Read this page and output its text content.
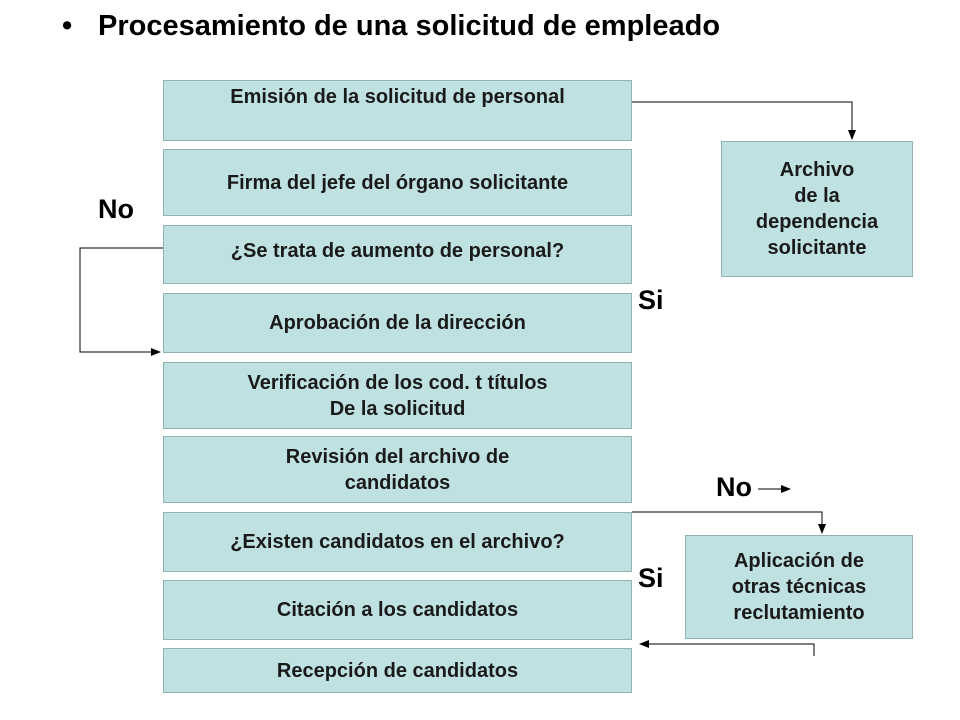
• Procesamiento de una solicitud de empleado
Emisión de la solicitud de personal
Firma del jefe del órgano solicitante
¿Se trata de aumento de personal?
Aprobación de la dirección
Verificación de los cod. t títulos
De la solicitud
Revisión del archivo de
candidatos
¿Existen candidatos en el archivo?
Citación a los candidatos
Recepción de candidatos
Archivo
de la
dependencia
solicitante
Aplicación de
otras técnicas
reclutamiento
No
Si
No
Si
